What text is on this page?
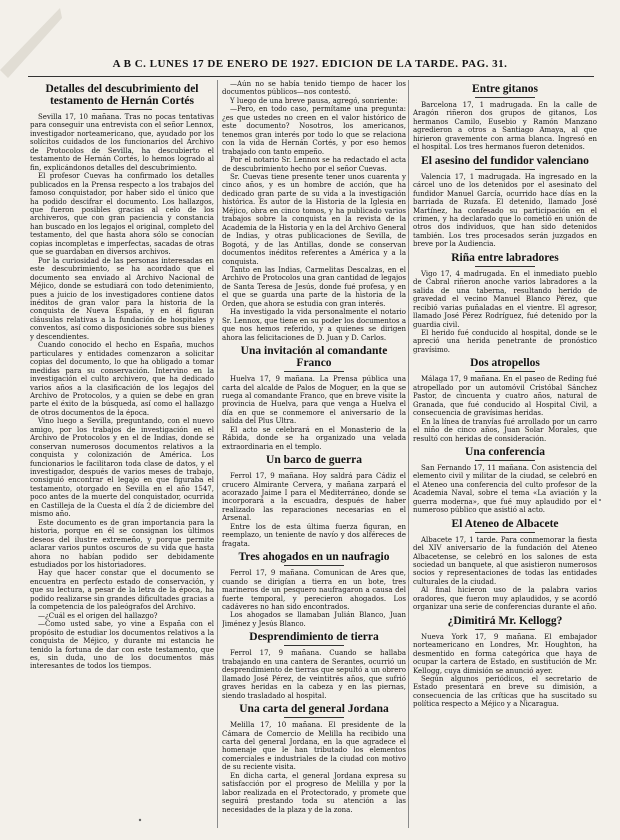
A B C. LUNES 17 DE ENERO DE 1927. EDICION DE LA TARDE. PAG. 31.
Detalles del descubrimiento del testamento de Hernán Cortés

Sevilla 17, 10 mañana. Tras no pocas tentativas para conseguir una entrevista con el señor Lennox, investigador norteamericano, que, ayudado por los solícitos cuidados de los funcionarios del Archivo de Protocolos de Sevilla, ha descubierto el testamento de Hernán Cortés, lo hemos logrado al fin, explicándonos detalles del descubrimiento.

El profesor Cuevas ha confirmado los detalles publicados en la Prensa respecto a los trabajos del famoso conquistador, por haber sido el único que ha podido descifrar el documento. Los hallazgos, que fueron posibles gracias al celo de los archiveros, que con gran paciencia y constancia han buscado en los legajos el original, completo del testamento, del que hasta ahora sólo se conocían copias incompletas e imperfectas, sacadas de otras que se guardaban en diversos archivos.

Por la curiosidad de las personas interesadas en este descubrimiento, se ha acordado que el documento sea enviado al Archivo Nacional de Méjico, donde se estudiará con todo detenimiento, pues a juicio de los investigadores contiene datos inéditos de gran valor para la historia de la conquista de Nueva España, y en él figuran cláusulas relativas a la fundación de hospitales y conventos, así como disposiciones sobre sus bienes y descendientes.

Cuando conocido el hecho en España, muchos particulares y entidades comenzaron a solicitar copias del documento, lo que ha obligado a tomar medidas para su conservación. Intervino en la investigación el culto archivero, que ha dedicado varios años a la clasificación de los legajos del Archivo de Protocolos, y a quien se debe en gran parte el éxito de la búsqueda, así como el hallazgo de otros documentos de la época.

Vino luego a Sevilla, preguntando, con el nuevo amigo, por los trabajos de investigación en el Archivo de Protocolos y en el de Indias, donde se conservan numerosos documentos relativos a la conquista y colonización de América. Los funcionarios le facilitaron toda clase de datos, y el investigador, después de varios meses de trabajo, consiguió encontrar el legajo en que figuraba el testamento, otorgado en Sevilla en el año 1547, poco antes de la muerte del conquistador, ocurrida en Castilleja de la Cuesta el día 2 de diciembre del mismo año.

Este documento es de gran importancia para la historia, porque en él se consignan los últimos deseos del ilustre extremeño, y porque permite aclarar varios puntos oscuros de su vida que hasta ahora no habían podido ser debidamente estudiados por los historiadores.

Hay que hacer constar que el documento se encuentra en perfecto estado de conservación, y que su lectura, a pesar de la letra de la época, ha podido realizarse sin grandes dificultades gracias a la competencia de los paleógrafos del Archivo.

—¿Cuál es el origen del hallazgo?

—Como usted sabe, yo vine a España con el propósito de estudiar los documentos relativos a la conquista de Méjico, y durante mi estancia he tenido la fortuna de dar con este testamento, que es, sin duda, uno de los documentos más interesantes de todos los tiempos.

—Aún no se había tenido tiempo de hacer los documentos públicos—nos contestó.

Y luego de una breve pausa, agregó, sonriente:

—Pero, en todo caso, permítame una pregunta: ¿es que ustedes no creen en el valor histórico de este documento? Nosotros, los americanos, tenemos gran interés por todo lo que se relaciona con la vida de Hernán Cortés, y por eso hemos trabajado con tanto empeño.

Por el notario Sr. Lennox se ha redactado el acta de descubrimiento hecho por el señor Cuevas.

Sr. Cuevas tiene presente tener unos cuarenta y cinco años, y es un hombre de acción, que ha dedicado gran parte de su vida a la investigación histórica. Es autor de la Historia de la Iglesia en Méjico, obra en cinco tomos, y ha publicado varios trabajos sobre la conquista en la revista de la Academia de la Historia y en la del Archivo General de Indias, y otras publicaciones de Sevilla, de Bogotá, y de las Antillas, donde se conservan documentos inéditos referentes a América y a la conquista.

Tanto en las Indias, Carmelitas Descalzas, en el Archivo de Protocolos una gran cantidad de legajos de Santa Teresa de Jesús, donde fué profesa, y en el que se guarda una parte de la historia de la Orden, que ahora se estudia con gran interés.

Ha investigado la vida personalmente el notario Sr. Lennox, que tiene en su poder los documentos a que nos hemos referido, y a quienes se dirigen ahora las felicitaciones de D. Juan y D. Carlos.

Una invitación al comandante Franco

Huelva 17, 9 mañana. La Prensa pública una carta del alcalde de Palos de Moguer, en la que se ruega al comandante Franco, que en breve visite la provincia de Huelva, para que venga a Huelva el día en que se conmemore el aniversario de la salida del Plus Ultra.

El acto se celebrará en el Monasterio de la Rábida, donde se ha organizado una velada extraordinaria en el templo.

Un barco de guerra

Ferrol 17, 9 mañana. Hoy saldrá para Cádiz el crucero Almirante Cervera, y mañana zarpará el acorazado Jaime I para el Mediterráneo, donde se incorporará a la escuadra, después de haber realizado las reparaciones necesarias en el Arsenal.

Entre los de esta última fuerza figuran, en reemplazo, un teniente de navío y dos alféreces de fragata.

Tres ahogados en un naufragio

Ferrol 17, 9 mañana. Comunican de Ares que, cuando se dirigían a tierra en un bote, tres marineros de un pesquero naufragaron a causa del fuerte temporal, y perecieron ahogados. Los cadáveres no han sido encontrados.

Los ahogados se llamaban Julián Blanco, Juan Jiménez y Jesús Blanco.

Desprendimiento de tierra

Ferrol 17, 9 mañana. Cuando se hallaba trabajando en una cantera de Serantes, ocurrió un desprendimiento de tierras que sepultó a un obrero llamado José Pérez, de veintitrés años, que sufrió graves heridas en la cabeza y en las piernas, siendo trasladado al hospital.

Una carta del general Jordana

Melilla 17, 10 mañana. El presidente de la Cámara de Comercio de Melilla ha recibido una carta del general Jordana, en la que agradece el homenaje que le han tributado los elementos comerciales e industriales de la ciudad con motivo de su reciente visita.

En dicha carta, el general Jordana expresa su satisfacción por el progreso de Melilla y por la labor realizada en el Protectorado, y promete que seguirá prestando toda su atención a las necesidades de la plaza y de la zona.

Entre gitanos

Barcelona 17, 1 madrugada. En la calle de Aragón riñeron dos grupos de gitanos, Los hermanos Camilo, Eusebio y Ramón Manzano agredieron a otros a Santiago Amaya, al que hirieron gravemente con arma blanca. Ingresó en el hospital. Los tres hermanos fueron detenidos.

El asesino del fundidor valenciano

Valencia 17, 1 madrugada. Ha ingresado en la cárcel uno de los detenidos por el asesinato del fundidor Manuel García, ocurrido hace días en la barriada de Ruzafa. El detenido, llamado José Martínez, ha confesado su participación en el crimen, y ha declarado que lo cometió en unión de otros dos individuos, que han sido detenidos también. Los tres procesados serán juzgados en breve por la Audiencia.

Riña entre labradores

Vigo 17, 4 madrugada. En el inmediato pueblo de Cabral riñeron anoche varios labradores a la salida de una taberna, resultando herido de gravedad el vecino Manuel Blanco Pérez, que recibió varias puñaladas en el vientre. El agresor, llamado José Pérez Rodríguez, fué detenido por la guardia civil.

El herido fué conducido al hospital, donde se le apreció una herida penetrante de pronóstico gravísimo.

Dos atropellos

Málaga 17, 9 mañana. En el paseo de Reding fué atropellado por un automóvil Cristóbal Sánchez Pastor, de cincuenta y cuatro años, natural de Granada, que fué conducido al Hospital Civil, a consecuencia de gravísimas heridas.

En la línea de tranvías fué arrollado por un carro el niño de cinco años, Juan Solar Morales, que resultó con heridas de consideración.

Una conferencia

San Fernando 17, 11 mañana. Con asistencia del elemento civil y militar de la ciudad, se celebró en el Ateneo una conferencia del culto profesor de la Academia Naval, sobre el tema «La aviación y la guerra moderna», que fué muy aplaudido por el numeroso público que asistió al acto.

El Ateneo de Albacete

Albacete 17, 1 tarde. Para conmemorar la fiesta del XIV aniversario de la fundación del Ateneo Albacetense, se celebró en los salones de esta sociedad un banquete, al que asistieron numerosos socios y representaciones de todas las entidades culturales de la ciudad.

Al final hicieron uso de la palabra varios oradores, que fueron muy aplaudidos, y se acordó organizar una serie de conferencias durante el año.

¿Dimitirá Mr. Kellogg?

Nueva York 17, 9 mañana. El embajador norteamericano en Londres, Mr. Houghton, ha desmentido en forma categórica que haya de ocupar la cartera de Estado, en sustitución de Mr. Kellogg, cuya dimisión se anunció ayer.

Según algunos periódicos, el secretario de Estado presentará en breve su dimisión, a consecuencia de las críticas que ha suscitado su política respecto a Méjico y a Nicaragua.
